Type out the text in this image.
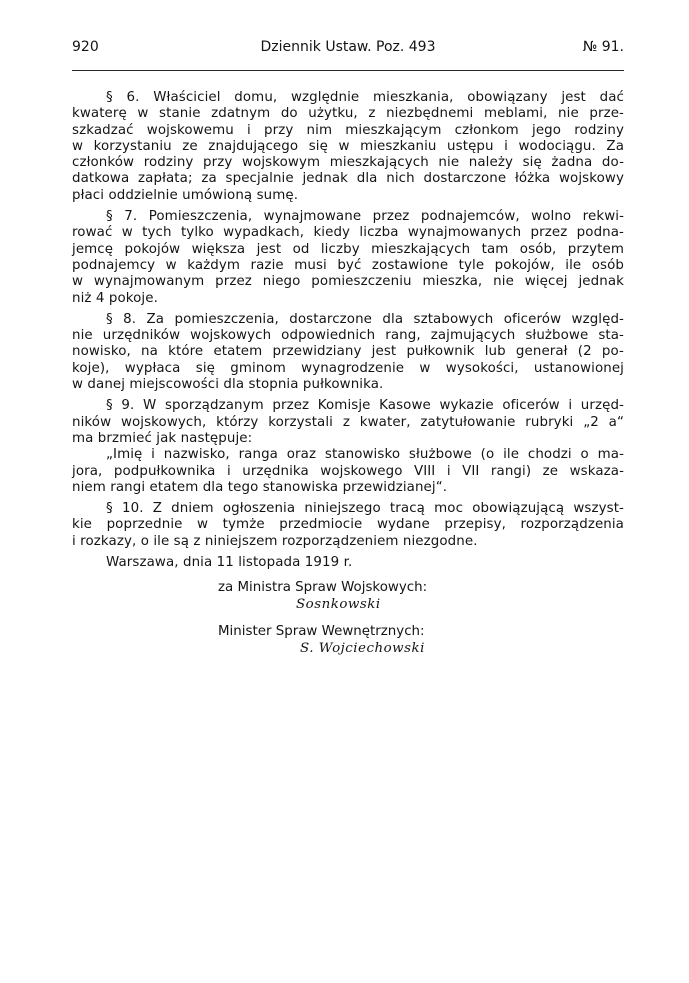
920	Dziennik Ustaw. Poz. 493	№ 91.
§ 6. Właściciel domu, względnie mieszkania, obowiązany jest dać
kwaterę w stanie zdatnym do użytku, z niezbędnemi meblami, nie prze-
szkadzać wojskowemu i przy nim mieszkającym członkom jego rodziny
w korzystaniu ze znajdującego się w mieszkaniu ustępu i wodociągu. Za
członków rodziny przy wojskowym mieszkających nie należy się żadna do-
datkowa zapłata; za specjalnie jednak dla nich dostarczone łóżka wojskowy
płaci oddzielnie umówioną sumę.
§ 7. Pomieszczenia, wynajmowane przez podnajemców, wolno rekwi-
rować w tych tylko wypadkach, kiedy liczba wynajmowanych przez podna-
jemcę pokojów większa jest od liczby mieszkających tam osób, przytem
podnajemcy w każdym razie musi być zostawione tyle pokojów, ile osób
w wynajmowanym przez niego pomieszczeniu mieszka, nie więcej jednak
niż 4 pokoje.
§ 8. Za pomieszczenia, dostarczone dla sztabowych oficerów względ-
nie urzędników wojskowych odpowiednich rang, zajmujących służbowe sta-
nowisko, na które etatem przewidziany jest pułkownik lub generał (2 po-
koje), wypłaca się gminom wynagrodzenie w wysokości, ustanowionej
w danej miejscowości dla stopnia pułkownika.
§ 9. W sporządzanym przez Komisje Kasowe wykazie oficerów i urzęd-
ników wojskowych, którzy korzystali z kwater, zatytułowanie rubryki „2 a“
ma brzmieć jak następuje:
„Imię i nazwisko, ranga oraz stanowisko służbowe (o ile chodzi o ma-
jora, podpułkownika i urzędnika wojskowego VIII i VII rangi) ze wskaza-
niem rangi etatem dla tego stanowiska przewidzianej“.
§ 10. Z dniem ogłoszenia niniejszego tracą moc obowiązującą wszyst-
kie poprzednie w tymże przedmiocie wydane przepisy, rozporządzenia
i rozkazy, o ile są z niniejszem rozporządzeniem niezgodne.
Warszawa, dnia 11 listopada 1919 r.
za Ministra Spraw Wojskowych:
Sosnkowski
Minister Spraw Wewnętrznych:
S. Wojciechowski
